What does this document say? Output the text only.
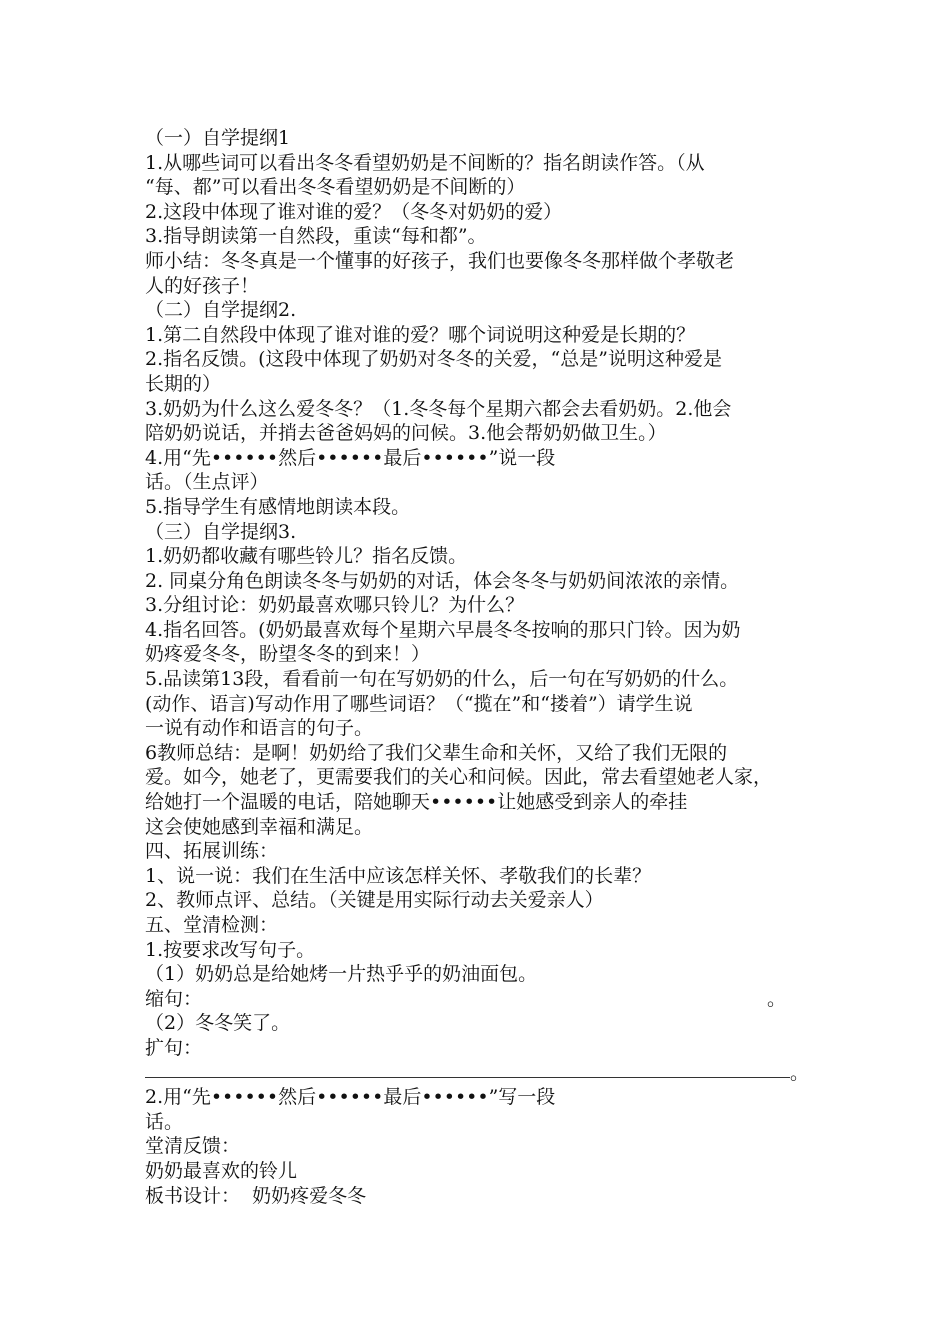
（一）自学提纲1
1.从哪些词可以看出冬冬看望奶奶是不间断的？指名朗读作答。（从
“每、都”可以看出冬冬看望奶奶是不间断的）
2.这段中体现了谁对谁的爱？（冬冬对奶奶的爱）
3.指导朗读第一自然段，重读“每和都”。
师小结：冬冬真是一个懂事的好孩子，我们也要像冬冬那样做个孝敬老
人的好孩子！
（二）自学提纲2.
1.第二自然段中体现了谁对谁的爱？哪个词说明这种爱是长期的？
2.指名反馈。(这段中体现了奶奶对冬冬的关爱，“总是”说明这种爱是
长期的）
3.奶奶为什么这么爱冬冬？（1.冬冬每个星期六都会去看奶奶。2.他会
陪奶奶说话，并捎去爸爸妈妈的问候。3.他会帮奶奶做卫生。）
4.用“先••••••然后••••••最后••••••”说一段
话。（生点评）
5.指导学生有感情地朗读本段。
（三）自学提纲3.
1.奶奶都收藏有哪些铃儿？指名反馈。
2. 同桌分角色朗读冬冬与奶奶的对话，体会冬冬与奶奶间浓浓的亲情。
3.分组讨论：奶奶最喜欢哪只铃儿？为什么？
4.指名回答。(奶奶最喜欢每个星期六早晨冬冬按响的那只门铃。因为奶
奶疼爱冬冬，盼望冬冬的到来！）
5.品读第13段，看看前一句在写奶奶的什么，后一句在写奶奶的什么。
(动作、语言)写动作用了哪些词语？（“揽在”和“搂着”）请学生说
一说有动作和语言的句子。
6教师总结：是啊！奶奶给了我们父辈生命和关怀，又给了我们无限的
爱。如今，她老了，更需要我们的关心和问候。因此，常去看望她老人家，
给她打一个温暖的电话，陪她聊天••••••让她感受到亲人的牵挂
这会使她感到幸福和满足。
四、拓展训练：
1、说一说：我们在生活中应该怎样关怀、孝敬我们的长辈？
2、教师点评、总结。（关键是用实际行动去关爱亲人）
五、堂清检测：
1.按要求改写句子。
（1）奶奶总是给她烤一片热乎乎的奶油面包。
缩句：	。
（2）冬冬笑了。
扩句：
。
2.用“先••••••然后••••••最后••••••”写一段
话。
堂清反馈：
奶奶最喜欢的铃儿
板书设计：  奶奶疼爱冬冬
